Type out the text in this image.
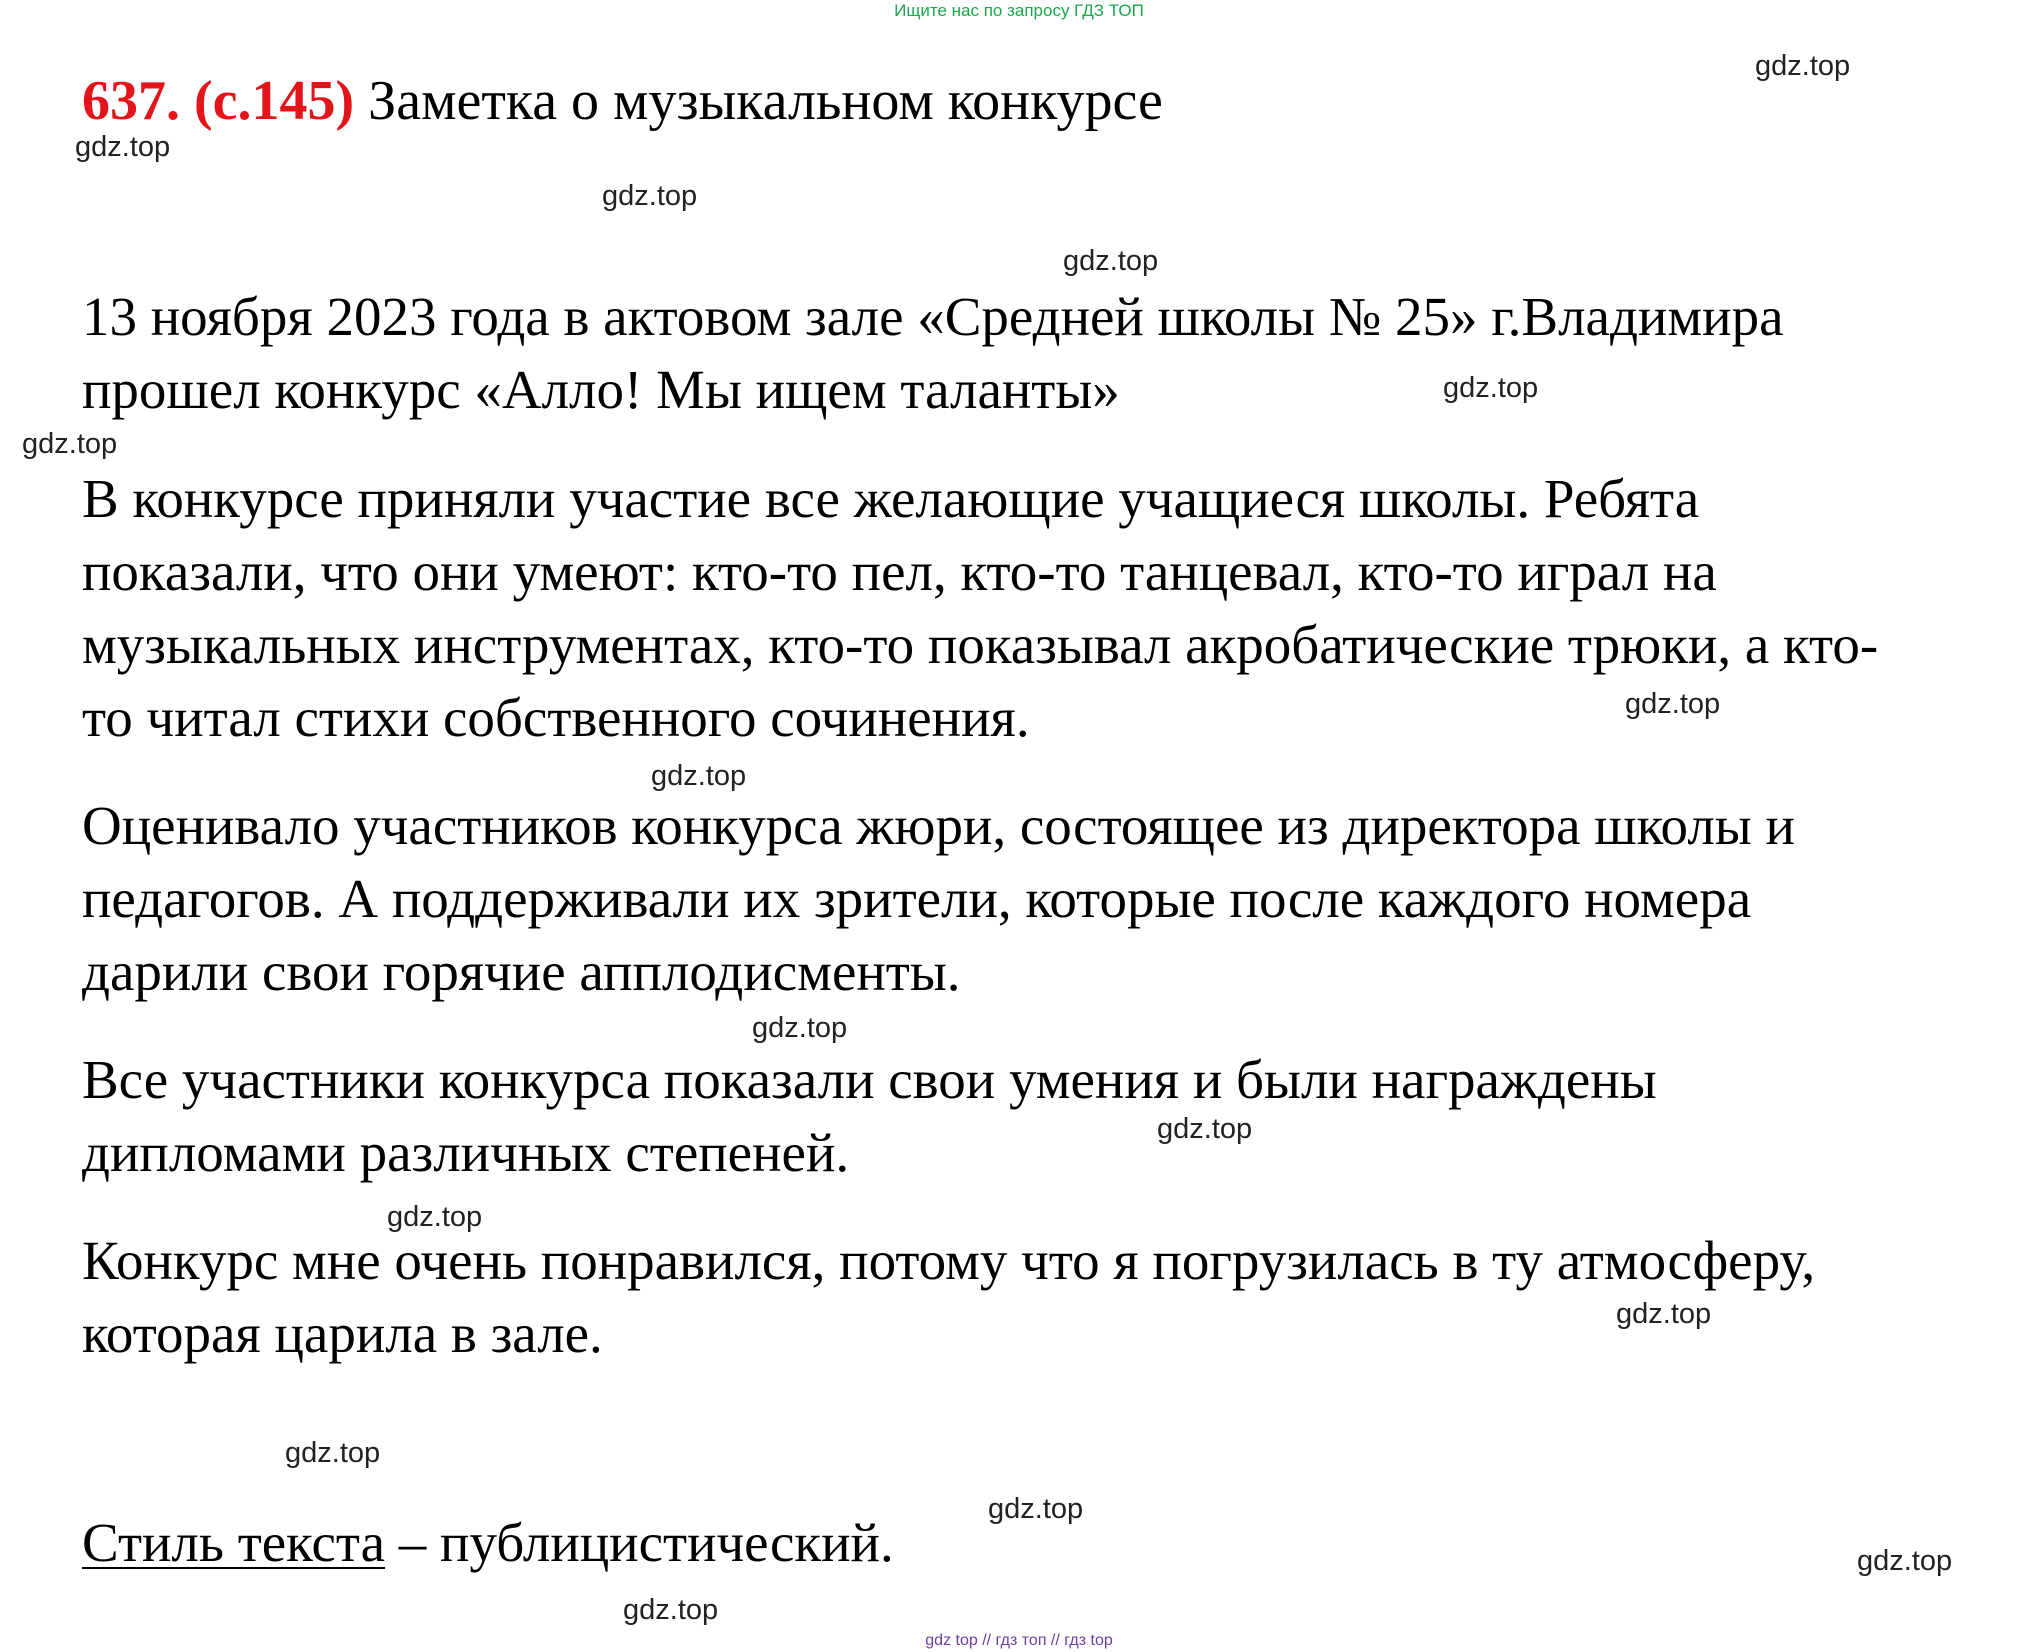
Ищите нас по запросу ГДЗ ТОП
637. (с.145) Заметка о музыкальном конкурсе

13 ноября 2023 года в актовом зале «Средней школы № 25» г.Владимира
прошел конкурс «Алло! Мы ищем таланты»

В конкурсе приняли участие все желающие учащиеся школы. Ребята
показали, что они умеют: кто-то пел, кто-то танцевал, кто-то играл на
музыкальных инструментах, кто-то показывал акробатические трюки, а кто-
то читал стихи собственного сочинения.

Оценивало участников конкурса жюри, состоящее из директора школы и
педагогов. А поддерживали их зрители, которые после каждого номера
дарили свои горячие апплодисменты.

Все участники конкурса показали свои умения и были награждены
дипломами различных степеней.

Конкурс мне очень понравился, потому что я погрузилась в ту атмосферу,
которая царила в зале.

Стиль текста – публицистический.
gdz.top
gdz.top
gdz.top
gdz.top
gdz.top
gdz.top
gdz.top
gdz.top
gdz.top
gdz.top
gdz.top
gdz.top
gdz.top
gdz.top
gdz.top
gdz.top
gdz top // гдз топ // гдз top
